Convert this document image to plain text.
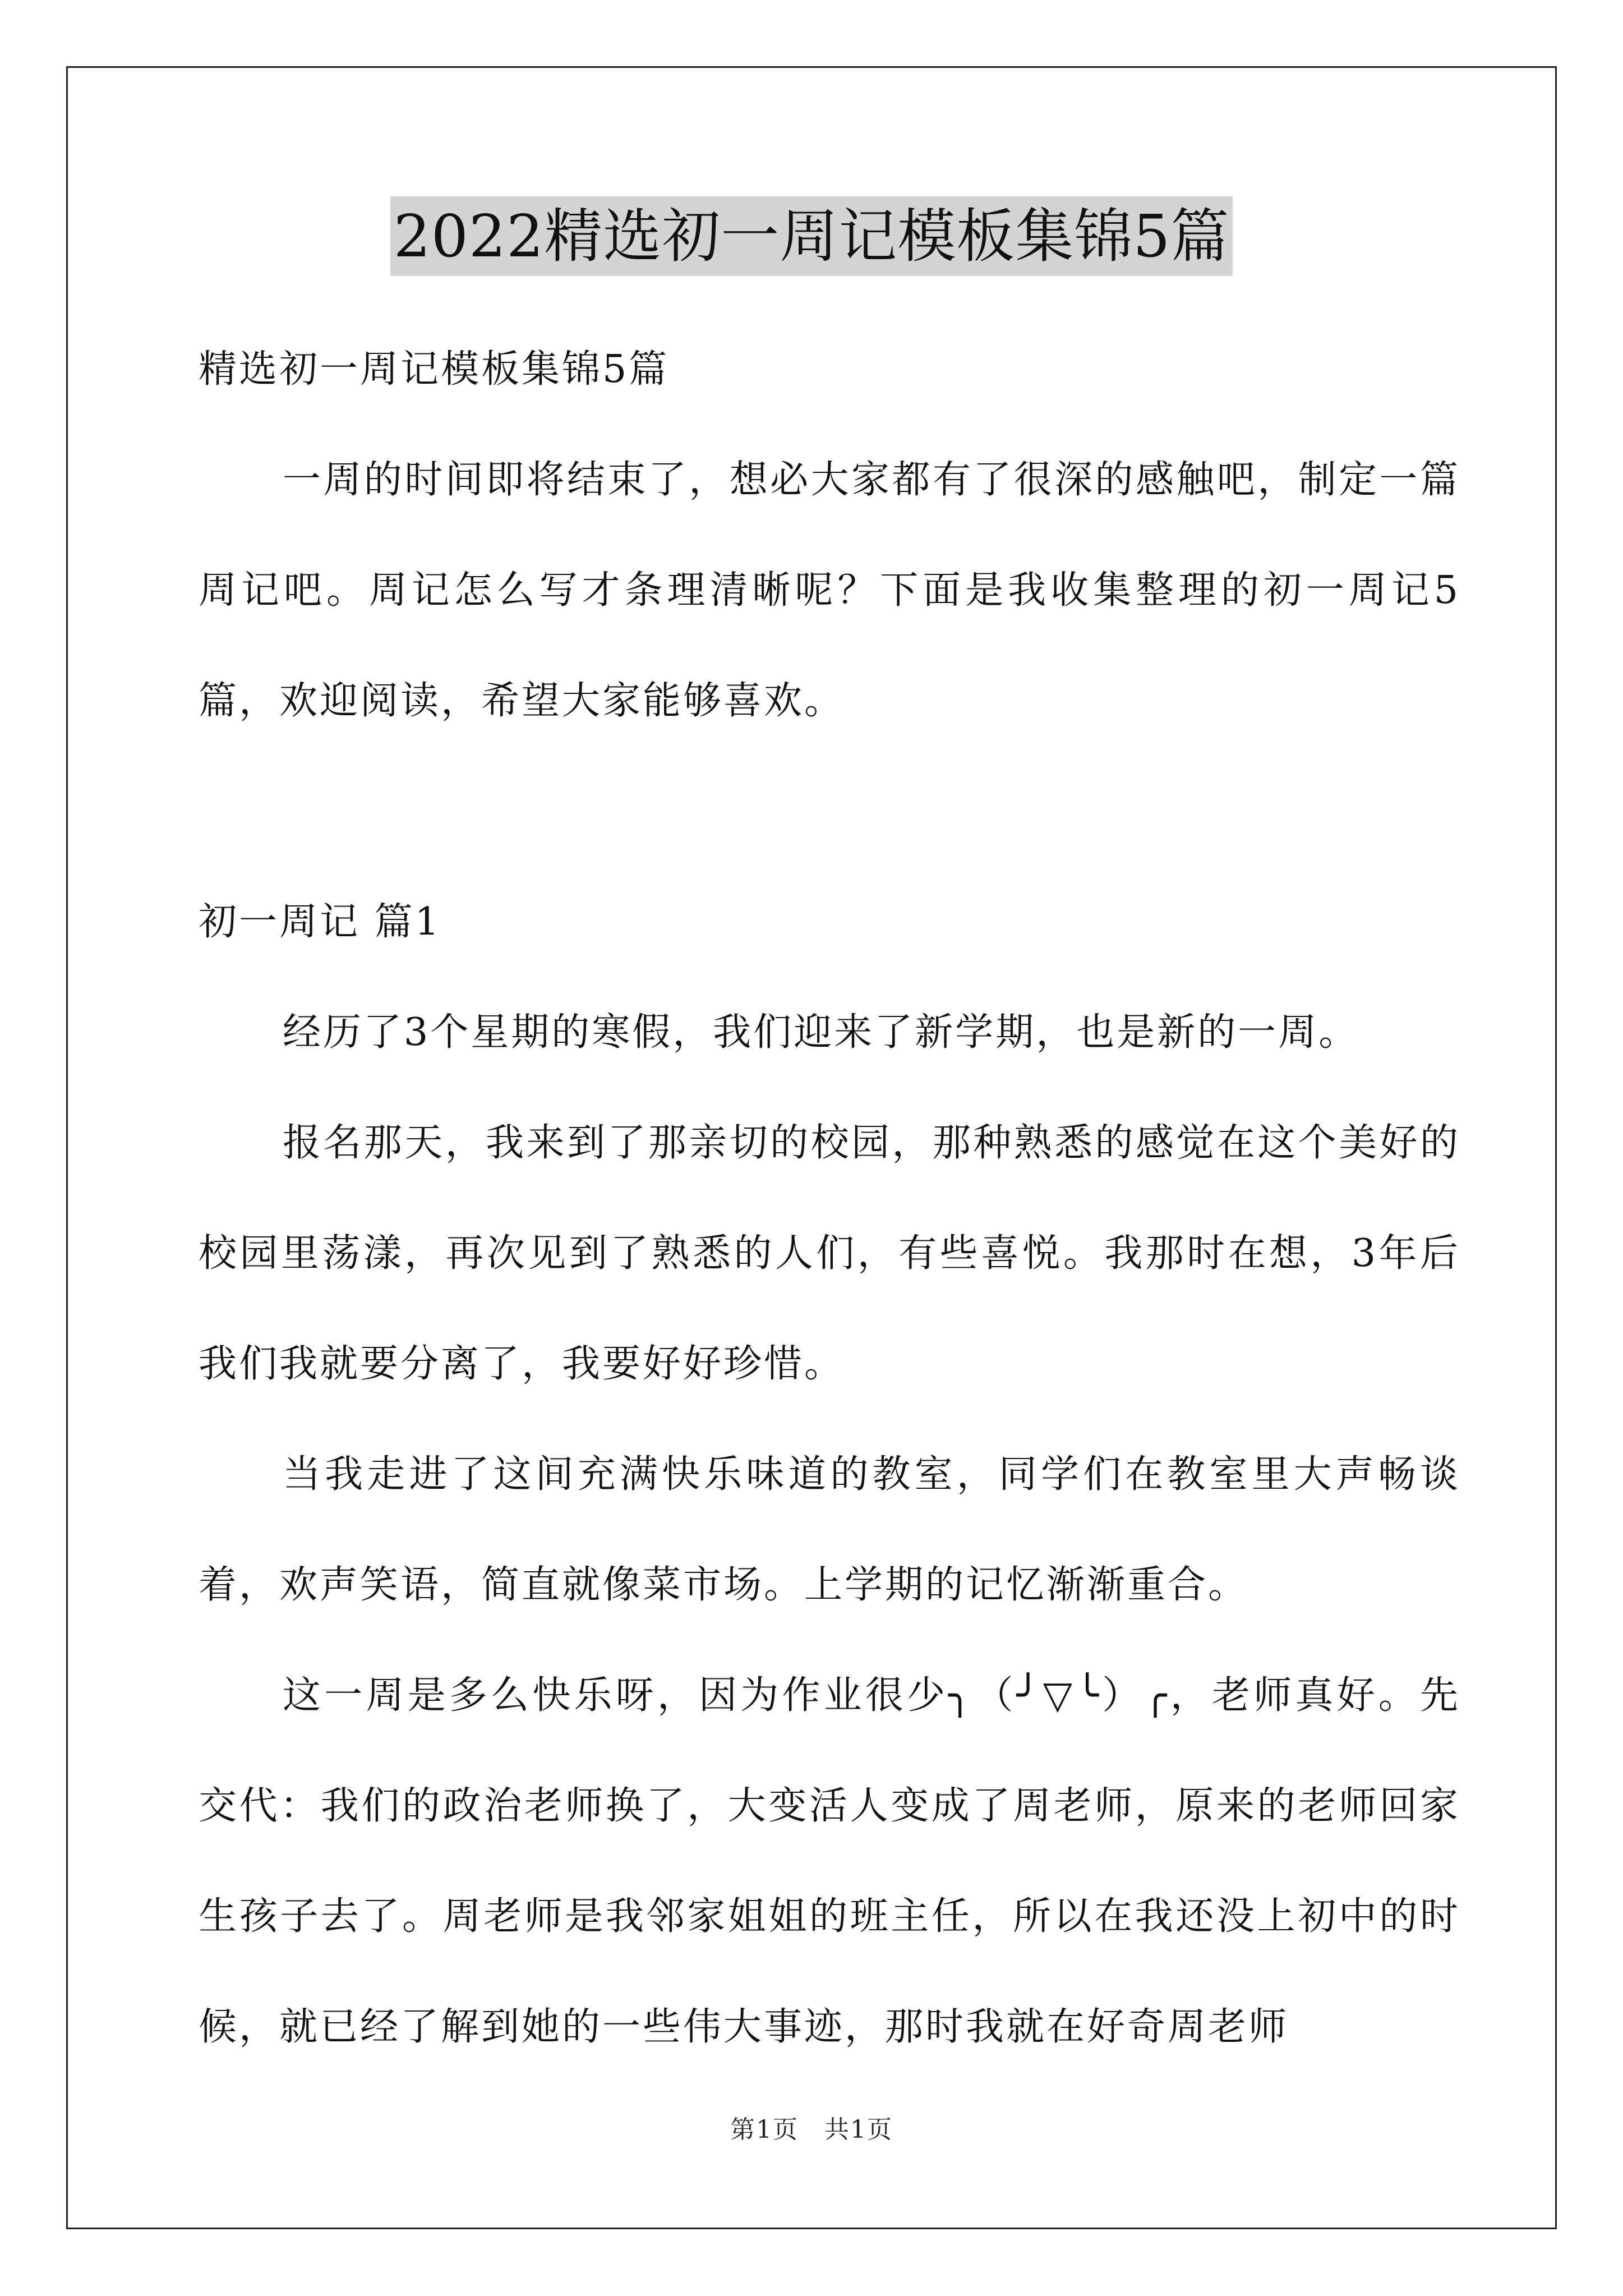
2022精选初一周记模板集锦5篇

精选初一周记模板集锦5篇

一周的时间即将结束了，想必大家都有了很深的感触吧，制定一篇周记吧。周记怎么写才条理清晰呢？下面是我收集整理的初一周记5篇，欢迎阅读，希望大家能够喜欢。

初一周记 篇1

经历了3个星期的寒假，我们迎来了新学期，也是新的一周。

报名那天，我来到了那亲切的校园，那种熟悉的感觉在这个美好的校园里荡漾，再次见到了熟悉的人们，有些喜悦。我那时在想，3年后我们我就要分离了，我要好好珍惜。

当我走进了这间充满快乐味道的教室，同学们在教室里大声畅谈着，欢声笑语，简直就像菜市场。上学期的记忆渐渐重合。

这一周是多么快乐呀，因为作业很少╮（╯▽╰）╭，老师真好。先交代：我们的政治老师换了，大变活人变成了周老师，原来的老师回家生孩子去了。周老师是我邻家姐姐的班主任，所以在我还没上初中的时候，就已经了解到她的一些伟大事迹，那时我就在好奇周老师

第1页　共1页
